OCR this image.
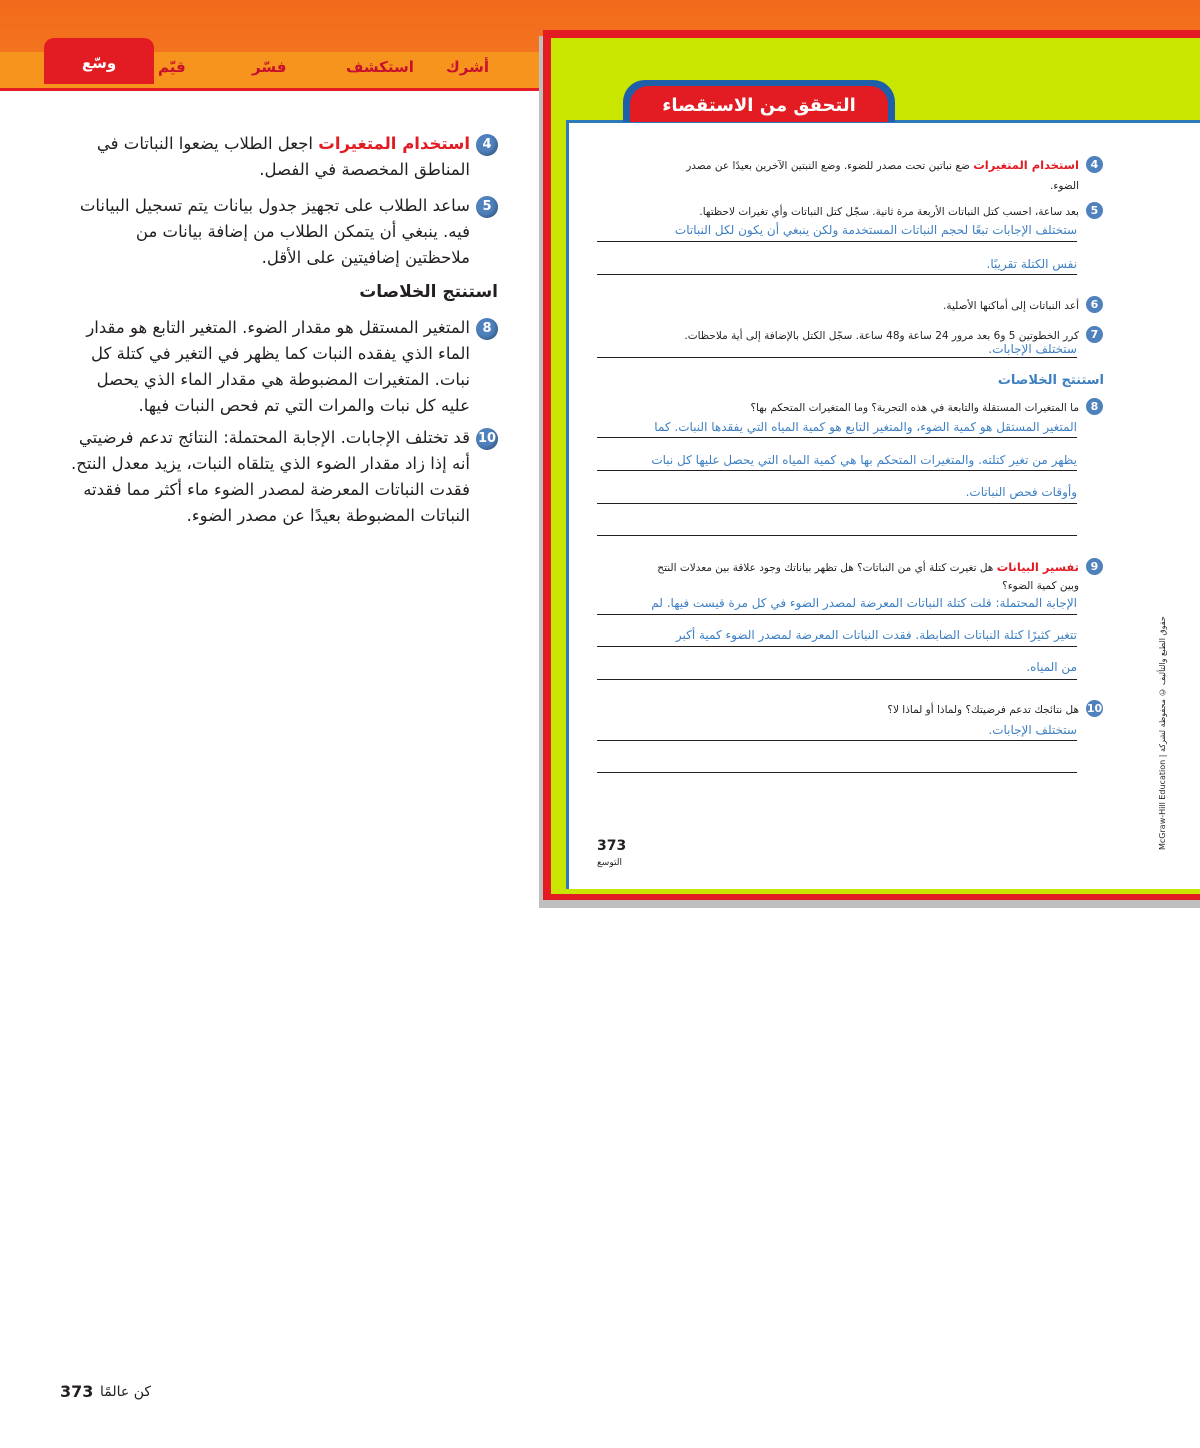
وسّع	قيّم	فسّر	استكشف أشرك
4
استخدام المتغيرات اجعل الطلاب يضعوا النباتات في المناطق المخصصة في الفصل.
5
ساعد الطلاب على تجهيز جدول بيانات يتم تسجيل البيانات فيه. ينبغي أن يتمكن الطلاب من إضافة بيانات من ملاحظتين إضافيتين على الأقل.
استنتج الخلاصات
8
المتغير المستقل هو مقدار الضوء. المتغير التابع هو مقدار الماء الذي يفقده النبات كما يظهر في التغير في كتلة كل نبات. المتغيرات المضبوطة هي مقدار الماء الذي يحصل عليه كل نبات والمرات التي تم فحص النبات فيها.
10
قد تختلف الإجابات. الإجابة المحتملة: النتائج تدعم فرضيتي أنه إذا زاد مقدار الضوء الذي يتلقاه النبات، يزيد معدل النتح. فقدت النباتات المعرضة لمصدر الضوء ماء أكثر مما فقدته النباتات المضبوطة بعيدًا عن مصدر الضوء.
التحقق من الاستقصاء
4
استخدام المتغيرات ضع نباتين تحت مصدر للضوء. وضع النبتين الآخرين بعيدًا عن مصدر
الضوء.
5
بعد ساعة، احسب كتل النباتات الأربعة مرة ثانية. سجّل كتل النباتات وأي تغيرات لاحظتها.
ستختلف الإجابات تبعًا لحجم النباتات المستخدمة ولكن ينبغي أن يكون لكل النباتات
نفس الكتلة تقريبًا.
6
أعد النباتات إلى أماكنها الأصلية.
7
كرر الخطوتين 5 و6 بعد مرور 24 ساعة و48 ساعة. سجّل الكتل بالإضافة إلى أية ملاحظات.
ستختلف الإجابات.
استنتج الخلاصات
8
ما المتغيرات المستقلة والتابعة في هذه التجربة؟ وما المتغيرات المتحكم بها؟
المتغير المستقل هو كمية الضوء، والمتغير التابع هو كمية المياه التي يفقدها النبات. كما
يظهر من تغير كتلته. والمتغيرات المتحكم بها هي كمية المياه التي يحصل عليها كل نبات
وأوقات فحص النباتات.
9
تفسير البيانات هل تغيرت كتلة أي من النباتات؟ هل تظهر بياناتك وجود علاقة بين معدلات النتح
وبين كمية الضوء؟
الإجابة المحتملة: قلت كتلة النباتات المعرضة لمصدر الضوء في كل مرة قيست فيها. لم
تتغير كثيرًا كتلة النباتات الضابطة. فقدت النباتات المعرضة لمصدر الضوء كمية أكبر
من المياه.
10
هل نتائجك تدعم فرضيتك؟ ولماذا أو لماذا لا؟
ستختلف الإجابات.
373
التوسع
McGraw-Hill Education | حقوق الطبع والتأليف © محفوظة لشركة
373 كن عالمًا
